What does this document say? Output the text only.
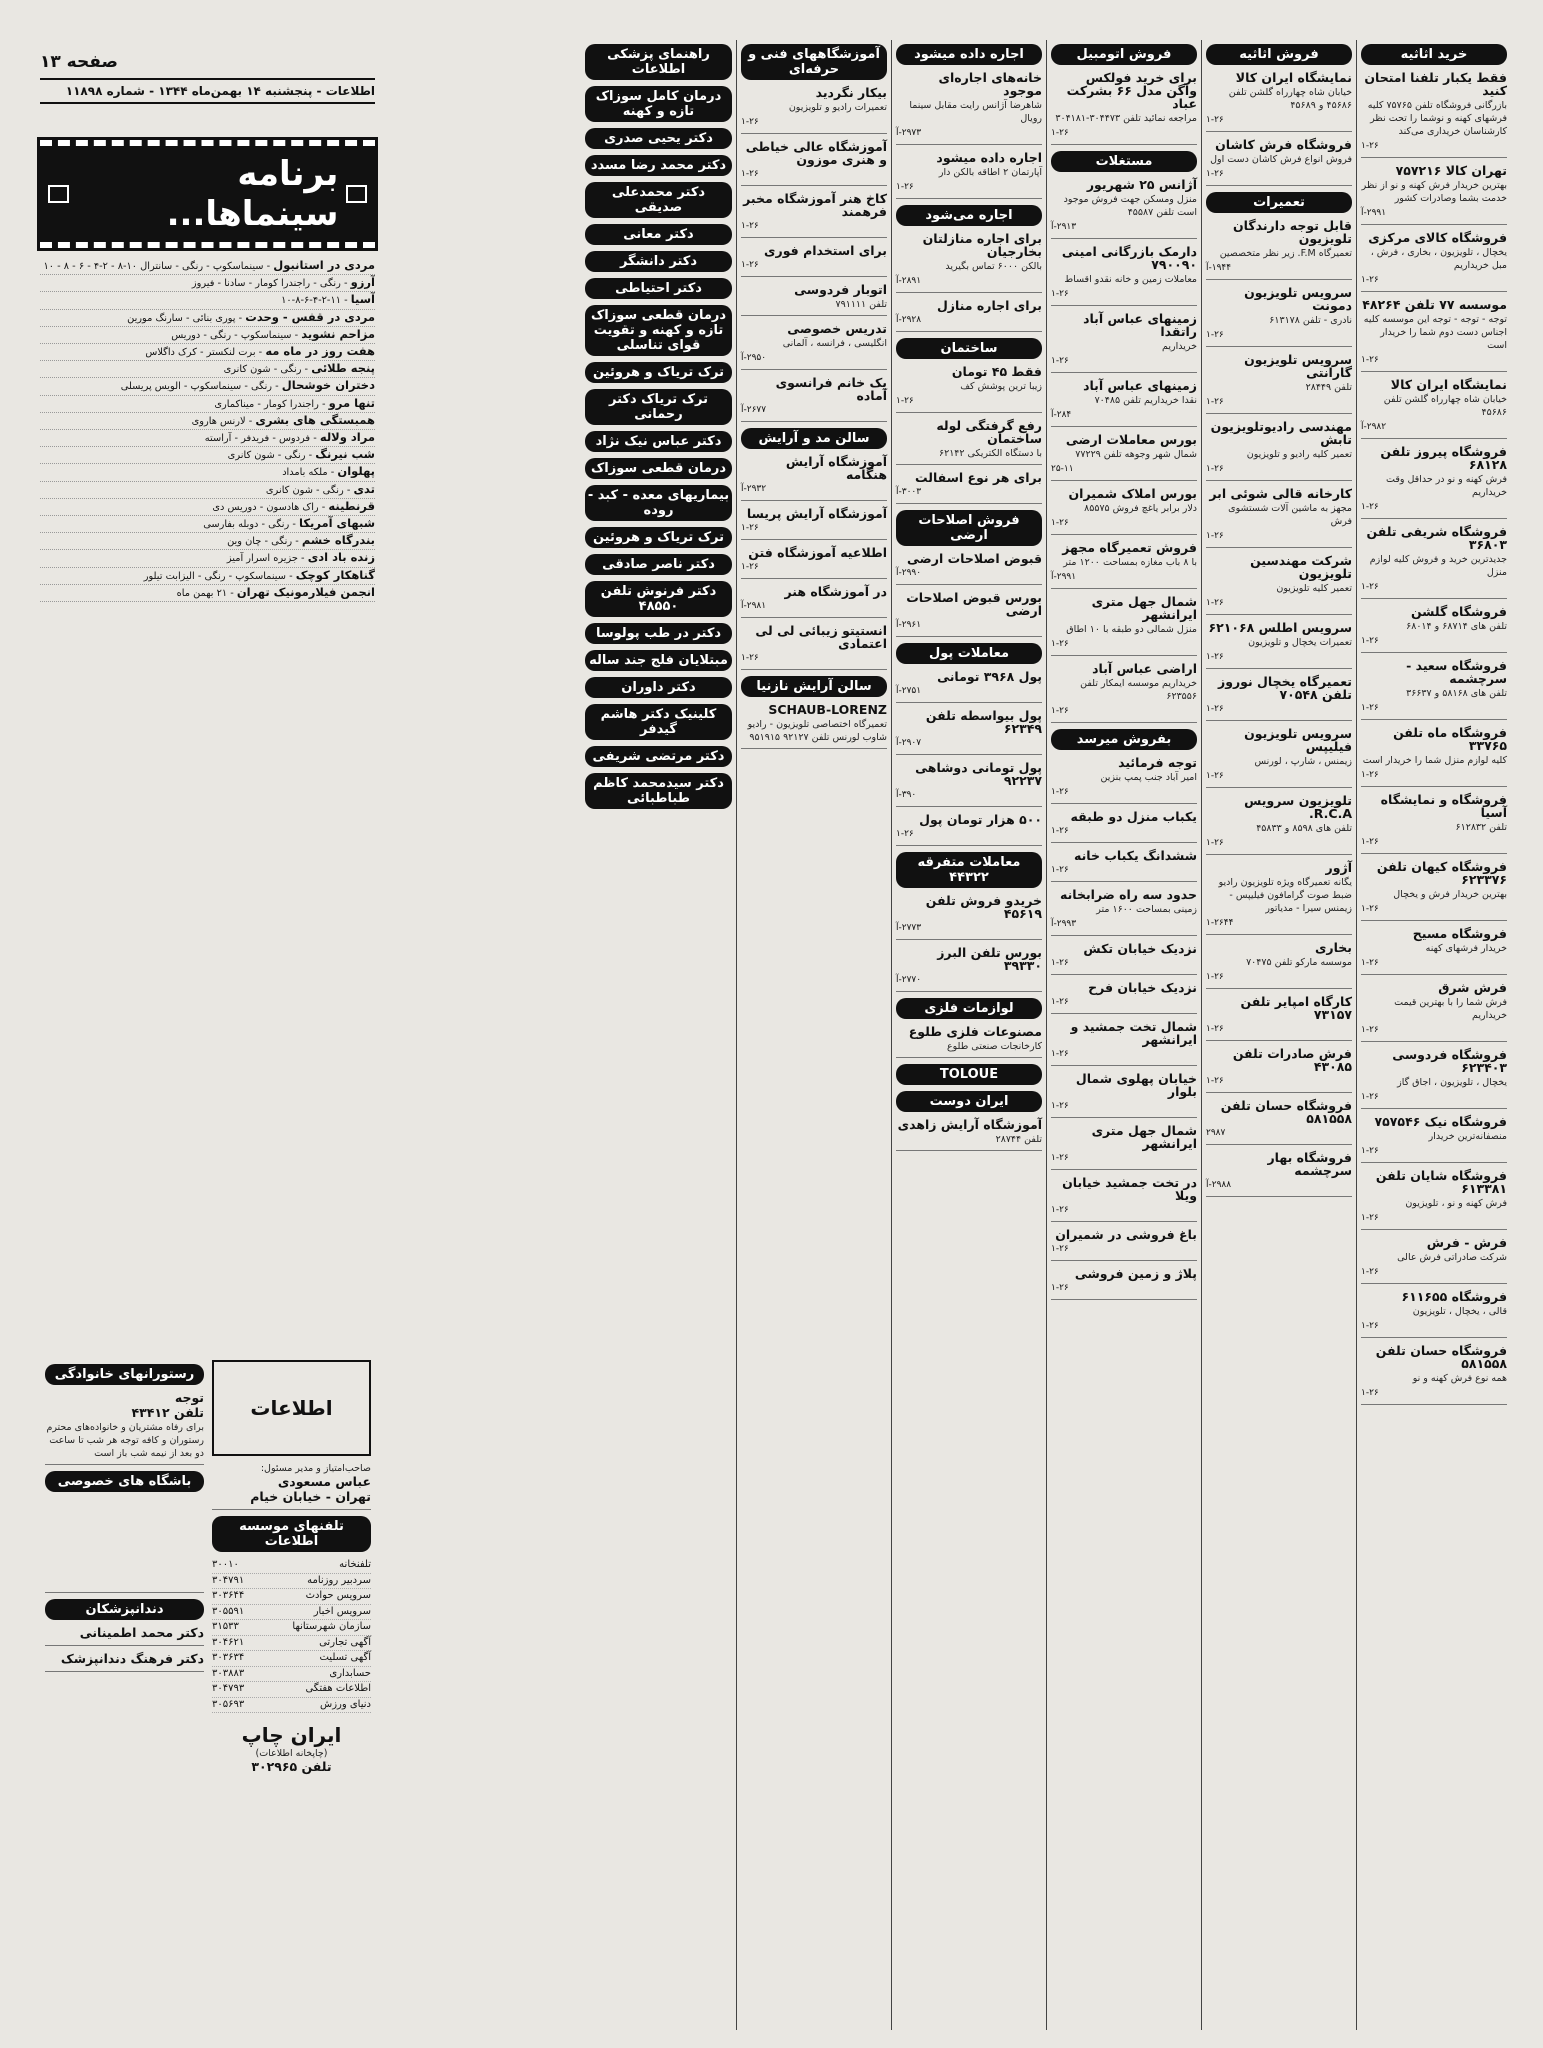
صفحه ۱۳
اطلاعات - پنجشنبه ۱۴ بهمن‌ماه ۱۳۴۴ - شماره ۱۱۸۹۸
برنامه سینماها...
مردی در استانبول - سینماسکوپ - رنگی - سانترال ۱۰-۸ - ۲-۴ - ۶ - ۸ - ۱۰
آرزو - رنگی - راجندرا کومار - سادنا - فیروز
آسیا - ۱۱-۲-۴-۶-۸-۱۰
مردی در قفس - وحدت - پوری بنائی - سارنگ مورین
مزاحم نشوید - سینماسکوپ - رنگی - دوریس
هفت روز در ماه مه - برت لنکستر - کرک داگلاس
پنجه طلائی - رنگی - شون کانری
دختران خوشحال - رنگی - سینماسکوپ - الویس پریسلی
تنها مرو - راجندرا کومار - میناکماری
همبستگی های بشری - لارنس هاروی
مراد ولاله - فردوس - فریدفر - آراسته
شب نیرنگ - رنگی - شون کانری
پهلوان - ملکه بامداد
تدی - رنگی - شون کانری
قرنطینه - راک هادسون - دوریس دی
شبهای آمریکا - رنگی - دوبله بفارسی
بندرگاه خشم - رنگی - چان وین
زنده باد ادی - جزیره اسرار آمیز
گناهکار کوچک - سینماسکوپ - رنگی - الیزابت تیلور
انجمن فیلارمونیک تهران - ۲۱ بهمن ماه
اطلاعات
صاحب‌امتیاز و مدیر مسئول:
عباس مسعودی
تهران - خیابان خیام
تلفنهای موسسه اطلاعات
تلفنخانه
۳۰۰۱۰
سردبیر روزنامه
۳۰۴۷۹۱
سرویس حوادث
۳۰۳۶۴۴
سرویس اخبار
۳۰۵۵۹۱
سازمان شهرستانها
۳۱۵۳۳
آگهی تجارتی
۳۰۴۶۲۱
آگهی تسلیت
۳۰۳۶۳۴
حسابداری
۳۰۳۸۸۳
اطلاعات هفتگی
۳۰۴۷۹۳
دنیای ورزش
۳۰۵۶۹۳
ایران چاپ
(چاپخانه اطلاعات)
تلفن ۳۰۲۹۶۵
رستورانهای خانوادگی
توجه
تلفن ۴۳۴۱۲
برای رفاه مشتریان و خانواده‌های محترم رستوران و کافه توجه هر شب تا ساعت دو بعد از نیمه شب باز است
باشگاه های خصوصی
دندانپزشکان
دکتر محمد اطمینانی
دکتر فرهنگ دندانپزشک
خرید اثاثیه
فقط یکبار تلفنا امتحان کنید
بازرگانی فروشگاه تلفن ۷۵۷۶۵ کلیه فرشهای کهنه و نوشما را تحت نظر کارشناسان خریداری می‌کند
۱-۲۶
تهران کالا ۷۵۷۲۱۶
بهترین خریدار فرش کهنه و نو از نظر خدمت بشما وصادرات کشور
۲۹۹۱-آ
فروشگاه کالای مرکزی
یخچال ، تلویزیون ، بخاری ، فرش ، مبل خریداریم
۱-۲۶
موسسه ۷۷ تلفن ۴۸۲۶۴
توجه - توجه - توجه این موسسه کلیه اجناس دست دوم شما را خریدار است
۱-۲۶
نمایشگاه ایران کالا
خیابان شاه چهارراه گلشن تلفن ۴۵۶۸۶
۲۹۸۲-آ
فروشگاه پیروز تلفن ۶۸۱۲۸
فرش کهنه و نو در حداقل وقت خریداریم
۱-۲۶
فروشگاه شریفی تلفن ۳۶۸۰۳
جدیدترین خرید و فروش کلیه لوازم منزل
۱-۲۶
فروشگاه گلشن
تلفن های ۶۸۷۱۴ و ۶۸۰۱۴
۱-۲۶
فروشگاه سعید - سرچشمه
تلفن های ۵۸۱۶۸ و ۳۶۶۳۷
۱-۲۶
فروشگاه ماه تلفن ۳۳۷۶۵
کلیه لوازم منزل شما را خریدار است
۱-۲۶
فروشگاه و نمایشگاه آسیا
تلفن ۶۱۲۸۳۲
۱-۲۶
فروشگاه کیهان تلفن ۶۲۳۳۷۶
بهترین خریدار فرش و یخچال
۱-۲۶
فروشگاه مسیح
خریدار فرشهای کهنه
۱-۲۶
فرش شرق
فرش شما را با بهترین قیمت خریداریم
۱-۲۶
فروشگاه فردوسی ۶۲۳۴۰۳
یخچال ، تلویزیون ، اجاق گاز
۱-۲۶
فروشگاه نیک ۷۵۷۵۴۶
منصفانه‌ترین خریدار
۱-۲۶
فروشگاه شایان تلفن ۶۱۳۳۸۱
فرش کهنه و نو ، تلویزیون
۱-۲۶
فرش - فرش
شرکت صادراتی فرش عالی
۱-۲۶
فروشگاه ۶۱۱۶۵۵
قالی ، یخچال ، تلویزیون
۱-۲۶
فروشگاه حسان تلفن ۵۸۱۵۵۸
همه نوع فرش کهنه و نو
۱-۲۶
فروش اثاثیه
نمایشگاه ایران کالا
خیابان شاه چهارراه گلشن تلفن ۴۵۶۸۶ و ۴۵۶۸۹
۱-۲۶
فروشگاه فرش کاشان
فروش انواع فرش کاشان دست اول
۱-۲۶
تعمیرات
قابل توجه دارندگان تلویزیون
تعمیرگاه F.M. زیر نظر متخصصین
۱۹۴۴-آ
سرویس تلویزیون دمونت
نادری - تلفن ۶۱۳۱۷۸
۱-۲۶
سرویس تلویزیون گارانتی
تلفن ۲۸۴۴۹
۱-۲۶
مهندسی رادیوتلویزیون تابش
تعمیر کلیه رادیو و تلویزیون
۱-۲۶
کارخانه قالی شوئی ابر
مجهز به ماشین آلات شستشوی فرش
۱-۲۶
شرکت مهندسین تلویزیون
تعمیر کلیه تلویزیون
۱-۲۶
سرویس اطلس ۶۲۱۰۶۸
تعمیرات یخچال و تلویزیون
۱-۲۶
تعمیرگاه یخچال نوروز تلفن ۷۰۵۴۸
۱-۲۶
سرویس تلویزیون فیلیپس
زیمنس ، شارپ ، لورنس
۱-۲۶
تلویزیون سرویس R.C.A.
تلفن های ۸۵۹۸ و ۴۵۸۳۳
۱-۲۶
آژور
یگانه تعمیرگاه ویژه تلویزیون رادیو ضبط صوت گرامافون فیلیپس - زیمنس سیرا - مدیاتور
۱-۲۶۴۴
بخاری
موسسه مارکو تلفن ۷۰۴۷۵
۱-۲۶
کارگاه امپایر تلفن ۷۳۱۵۷
۱-۲۶
فرش صادرات تلفن ۴۳۰۸۵
۱-۲۶
فروشگاه حسان تلفن ۵۸۱۵۵۸
۲۹۸۷
فروشگاه بهار سرچشمه
۲۹۸۸-آ
فروش اتومبیل
برای خرید فولکس واگن مدل ۶۶ بشرکت عباد
مراجعه نمائید تلفن ۳۰۴۴۷۳-۳۰۴۱۸۱
۱-۲۶
مستغلات
آژانس ۲۵ شهریور
منزل ومسکن جهت فروش موجود است تلفن ۴۵۵۸۷
۲۹۱۳-آ
دارمک بازرگانی امینی ۷۹۰۰۹۰
معاملات زمین و خانه نقدو اقساط
۱-۲۶
زمینهای عباس آباد راتقدا
خریداریم
۱-۲۶
زمینهای عباس آباد
نقدا خریداریم تلفن ۷۰۴۸۵
۲۸۴-آ
بورس معاملات ارضی
شمال شهر وجوهه تلفن ۷۷۲۲۹
۲۵-۱۱
بورس املاک شمیران
دلار برابر یاغچ فروش ۸۵۵۷۵
۱-۲۶
فروش تعمیرگاه مجهز
با ۸ باب مغازه بمساحت ۱۲۰۰ متر
۲۹۹۱-آ
شمال جهل متری ایرانشهر
منزل شمالی دو طبقه با ۱۰ اطاق
۱-۲۶
اراضی عباس آباد
خریداریم موسسه ایمکار تلفن ۶۲۳۵۵۶
۱-۲۶
بفروش میرسد
توجه فرمائید
امیر آباد جنب پمپ بنزین
۱-۲۶
یکباب منزل دو طبقه
۱-۲۶
ششدانگ یکباب خانه
۱-۲۶
حدود سه راه ضرابخانه
زمینی بمساحت ۱۶۰۰ متر
۲۹۹۳-آ
نزدیک خیابان تکش
۱-۲۶
نزدیک خیابان فرح
۱-۲۶
شمال تخت جمشید و ایرانشهر
۱-۲۶
خیابان پهلوی شمال بلوار
۱-۲۶
شمال جهل متری ایرانشهر
۱-۲۶
در تخت جمشید خیابان ویلا
۱-۲۶
باغ فروشی در شمیران
۱-۲۶
پلاژ و زمین فروشی
۱-۲۶
اجاره داده میشود
خانه‌های اجاره‌ای موجود
شاهرضا آژانس رایت مقابل سینما رویال
۲۹۷۳-آ
اجاره داده میشود
آپارتمان ۲ اطاقه بالکن دار
۱-۲۶
اجاره می‌شود
برای اجاره منازلتان بخارجیان
بالکن ۶۰۰۰ تماس بگیرید
۲۸۹۱-آ
برای اجاره منازل
۲۹۲۸-آ
ساختمان
فقط ۴۵ تومان
زیبا ترین پوشش کف
۱-۲۶
رفع گرفتگی لوله ساختمان
با دستگاه الکتریکی ۶۲۱۴۲
برای هر نوع اسفالت
۳۰۰۳-آ
فروش اصلاحات ارضی
قبوض اصلاحات ارضی
۲۹۹۰-آ
بورس قبوض اصلاحات ارضی
۲۹۶۱-آ
معاملات پول
پول ۳۹۶۸ تومانی
۲۷۵۱-آ
پول بیواسطه تلفن ۶۲۳۴۹
۲۹۰۷-آ
پول تومانی دوشاهی ۹۲۲۳۷
۳۹۰-آ
۵۰۰ هزار تومان پول
۱-۲۶
معاملات متفرقه ۴۴۳۲۲
خریدو فروش تلفن ۴۵۶۱۹
۲۷۷۳-آ
بورس تلفن البرز ۳۹۳۳۰
۲۷۷۰-آ
لوازمات فلزی
مصنوعات فلزی طلوع
کارخانجات صنعتی طلوع
TOLOUE
ایران دوست
آموزشگاه آرایش زاهدی
تلفن ۲۸۷۴۴
آموزشگاههای فنی و حرفه‌ای
بیکار نگردید
تعمیرات رادیو و تلویزیون
۱-۲۶
آموزشگاه عالی خیاطی و هنری موزون
۱-۲۶
کاخ هنر آموزشگاه مخبر فرهمند
۱-۲۶
برای استخدام فوری
۱-۲۶
اتوبار فردوسی
تلفن ۷۹۱۱۱۱
تدریس خصوصی
انگلیسی ، فرانسه ، آلمانی
۲۹۵۰-آ
یک خانم فرانسوی آماده
۲۶۷۷-آ
سالن مد و آرایش
آموزشگاه آرایش هنگامه
۲۹۳۲-آ
آموزشگاه آرایش پریسا
۱-۲۶
اطلاعیه آموزشگاه فتن
۱-۲۶
در آموزشگاه هنر
۲۹۸۱-آ
انستیتو زیبائی لی لی اعتمادی
۱-۲۶
سالن آرایش نازنیا
SCHAUB-LORENZ
تعمیرگاه اختصاصی تلویزیون - رادیو شاوب لورنس تلفن ۹۲۱۲۷ ۹۵۱۹۱۵
راهنمای پزشکی اطلاعات
درمان کامل سوزاک تازه و کهنه
دکتر یحیی صدری
دکتر محمد رضا مسدد
دکتر محمدعلی صدیقی
دکتر معانی
دکتر دانشگر
دکتر احتیاطی
درمان قطعی سوزاک تازه و کهنه و تقویت قوای تناسلی
ترک تریاک و هروئین
ترک تریاک دکتر رحمانی
دکتر عباس نیک نژاد
درمان قطعی سوزاک
بیماریهای معده - کبد - روده
ترک تریاک و هروئین
دکتر ناصر صادقی
دکتر فرنوش تلفن ۴۸۵۵۰
دکتر در طب پولوسا
مبتلایان فلج جند ساله
دکتر داوران
کلینیک دکتر هاشم گیدفر
دکتر مرتضی شریفی
دکتر سیدمحمد کاظم طباطبائی
